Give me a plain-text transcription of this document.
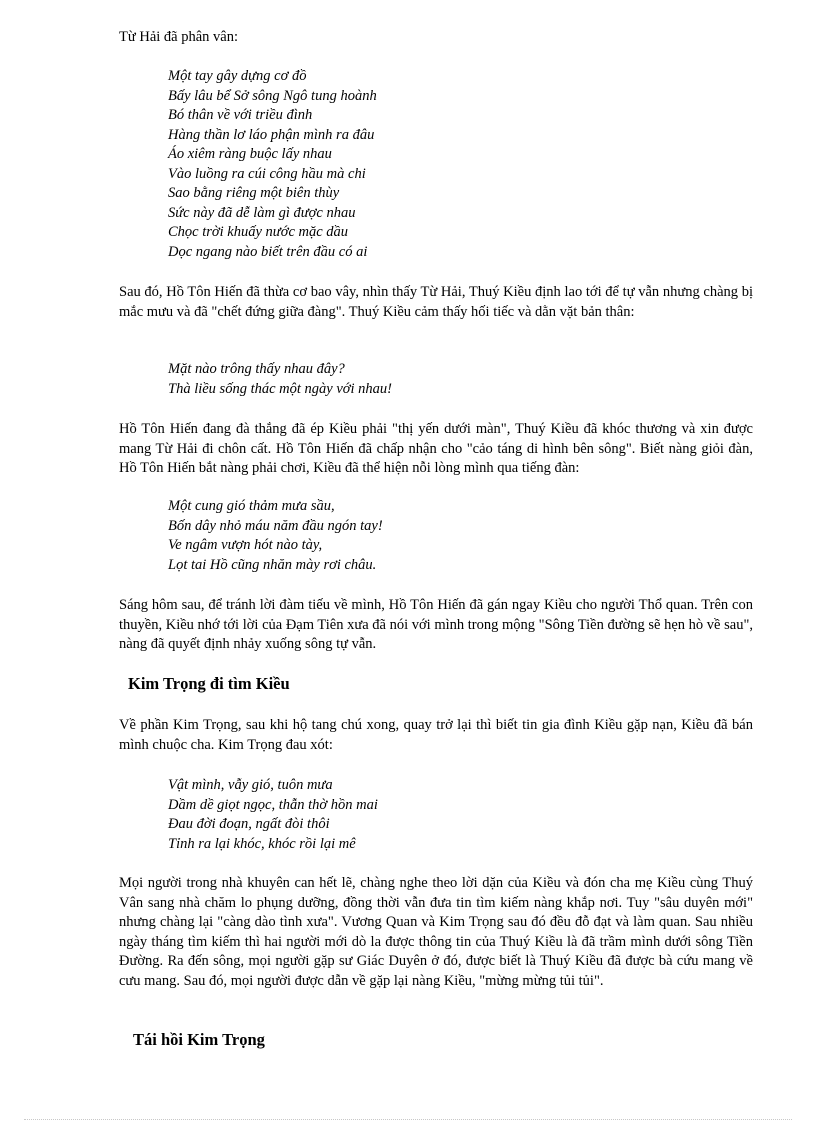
Từ Hải đã phân vân:

Một tay gây dựng cơ đồ
Bấy lâu bể Sở sông Ngô tung hoành
Bó thân về với triều đình
Hàng thần lơ láo phận mình ra đâu
Áo xiêm ràng buộc lấy nhau
Vào luồng ra cúi công hầu mà chi
Sao bằng riêng một biên thùy
Sức này đã dễ làm gì được nhau
Chọc trời khuấy nước mặc dầu
Dọc ngang nào biết trên đầu có ai

Sau đó, Hồ Tôn Hiến đã thừa cơ bao vây, nhìn thấy Từ Hải, Thuý Kiều định lao tới để tự vẫn nhưng chàng bị mắc mưu và đã "chết đứng giữa đàng". Thuý Kiều cảm thấy hối tiếc và dằn vặt bản thân:

Mặt nào trông thấy nhau đây?
Thà liều sống thác một ngày với nhau!

Hồ Tôn Hiến đang đà thắng đã ép Kiều phải "thị yến dưới màn", Thuý Kiều đã khóc thương và xin được mang Từ Hải đi chôn cất. Hồ Tôn Hiến đã chấp nhận cho "cảo táng di hình bên sông". Biết nàng giỏi đàn, Hồ Tôn Hiến bắt nàng phải chơi, Kiều đã thể hiện nỗi lòng mình qua tiếng đàn:

Một cung gió thảm mưa sầu,
Bốn dây nhỏ máu năm đầu ngón tay!
Ve ngâm vượn hót nào tày,
Lọt tai Hồ cũng nhăn mày rơi châu.

Sáng hôm sau, để tránh lời đàm tiếu về mình, Hồ Tôn Hiến đã gán ngay Kiều cho người Thổ quan. Trên con thuyền, Kiều nhớ tới lời của Đạm Tiên xưa đã nói với mình trong mộng "Sông Tiền đường sẽ hẹn hò về sau", nàng đã quyết định nhảy xuống sông tự vẫn.

Kim Trọng đi tìm Kiều

Về phần Kim Trọng, sau khi hộ tang chú xong, quay trở lại thì biết tin gia đình Kiều gặp nạn, Kiều đã bán mình chuộc cha. Kim Trọng đau xót:

Vật mình, vẫy gió, tuôn mưa
Dầm dề giọt ngọc, thẫn thờ hồn mai
Đau đời đoạn, ngất đòi thôi
Tỉnh ra lại khóc, khóc rồi lại mê

Mọi người trong nhà khuyên can hết lẽ, chàng nghe theo lời dặn của Kiều và đón cha mẹ Kiều cùng Thuý Vân sang nhà chăm lo phụng dưỡng, đồng thời vẫn đưa tin tìm kiếm nàng khắp nơi. Tuy "sâu duyên mới" nhưng chàng lại "càng dào tình xưa". Vương Quan và Kim Trọng sau đó đều đỗ đạt và làm quan. Sau nhiều ngày tháng tìm kiếm thì hai người mới dò la được thông tin của Thuý Kiều là đã trầm mình dưới sông Tiền Đường. Ra đến sông, mọi người gặp sư Giác Duyên ở đó, được biết là Thuý Kiều đã được bà cứu mang về cưu mang. Sau đó, mọi người được dẫn về gặp lại nàng Kiều, "mừng mừng tủi tủi".

Tái hồi Kim Trọng
